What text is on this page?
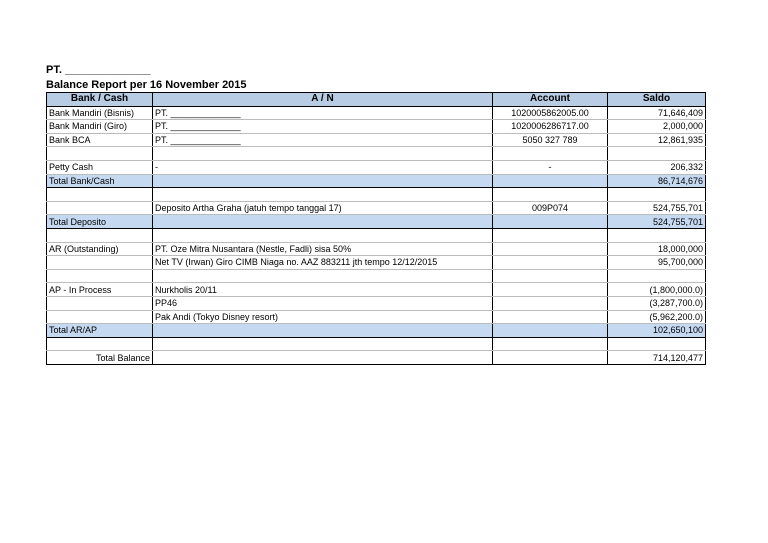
PT. ______________
Balance Report per 16 November 2015
Bank / Cash	A / N	Account	Saldo
Bank Mandiri (Bisnis)	PT. ______________	1020005862005.00	71,646,409
Bank Mandiri (Giro)	PT. ______________	1020006286717.00	2,000,000
Bank BCA	PT. ______________	5050 327 789	12,861,935

Petty Cash	-	-	206,332
Total Bank/Cash			86,714,676

	Deposito Artha Graha (jatuh tempo tanggal 17)	009P074	524,755,701
Total Deposito			524,755,701

AR (Outstanding)	PT. Oze Mitra Nusantara (Nestle, Fadli) sisa 50%		18,000,000
	Net TV (Irwan) Giro CIMB Niaga no. AAZ 883211 jth tempo 12/12/2015		95,700,000

AP - In Process	Nurkholis 20/11		(1,800,000.0)
	PP46		(3,287,700.0)
	Pak Andi (Tokyo Disney resort)		(5,962,200.0)
Total AR/AP			102,650,100

Total Balance			714,120,477
